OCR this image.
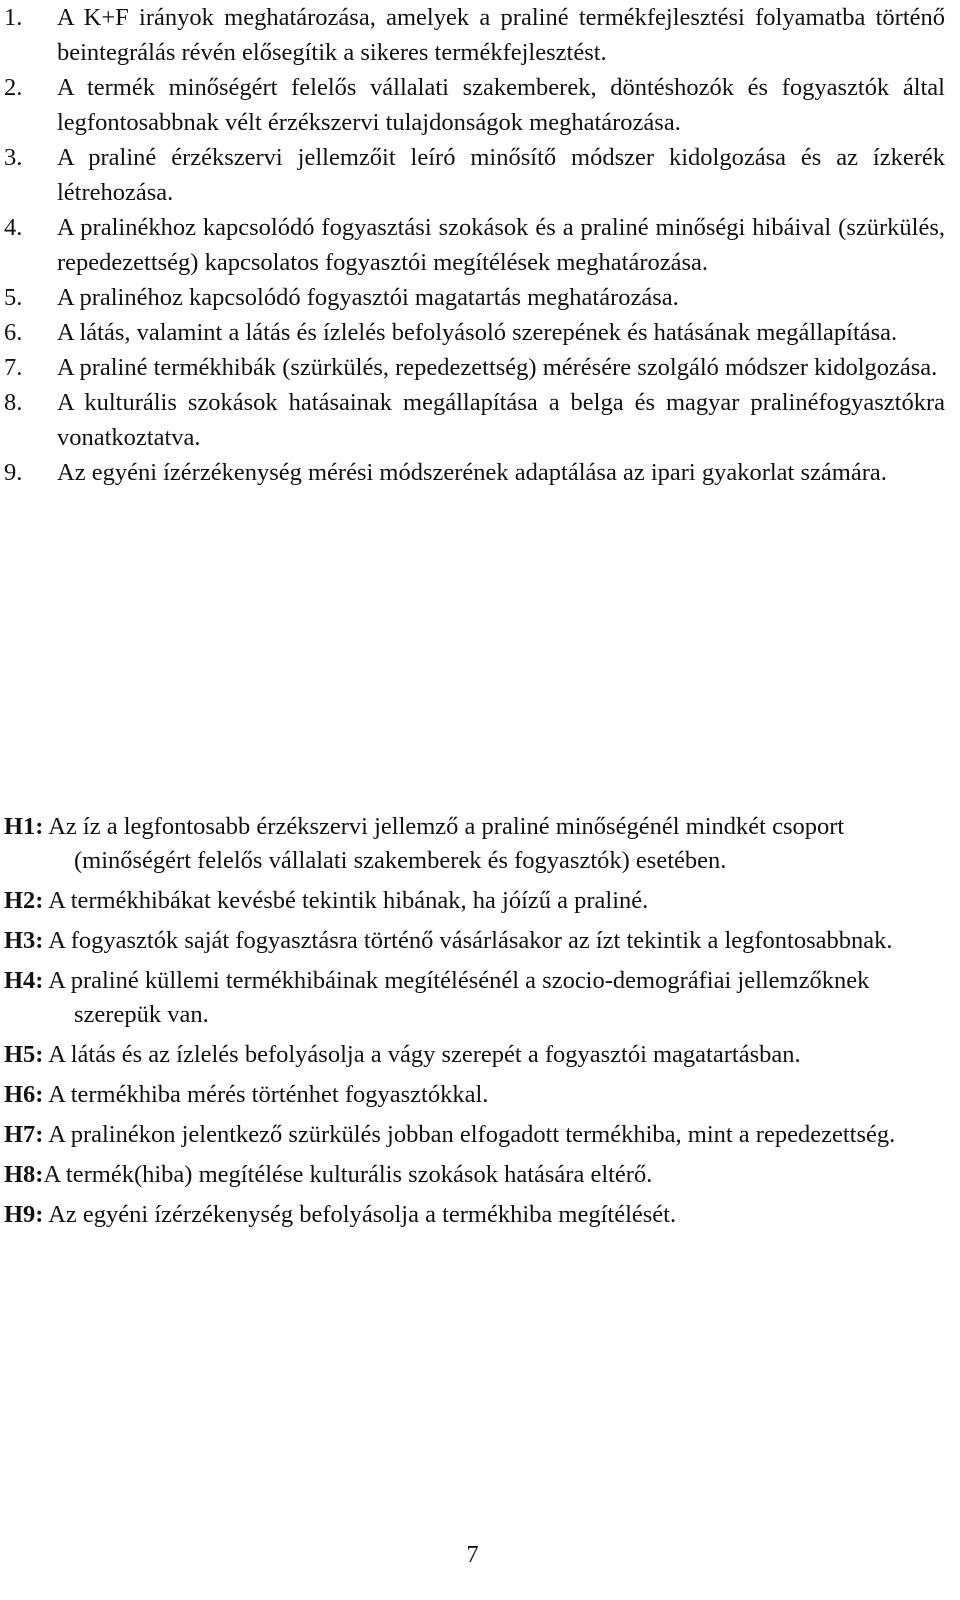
1.	A K+F irányok meghatározása, amelyek a praliné termékfejlesztési folyamatba történő beintegrálás révén elősegítik a sikeres termékfejlesztést.
2.	A termék minőségért felelős vállalati szakemberek, döntéshozók és fogyasztók által legfontosabbnak vélt érzékszervi tulajdonságok meghatározása.
3.	A praliné érzékszervi jellemzőit leíró minősítő módszer kidolgozása és az ízkerék létrehozása.
4.	A pralinékhoz kapcsolódó fogyasztási szokások és a praliné minőségi hibáival (szürkülés, repedezettség) kapcsolatos fogyasztói megítélések meghatározása.
5.	A pralinéhoz kapcsolódó fogyasztói magatartás meghatározása.
6.	A látás, valamint a látás és ízlelés befolyásoló szerepének és hatásának megállapítása.
7.	A praliné termékhibák (szürkülés, repedezettség) mérésére szolgáló módszer kidolgozása.
8.	A kulturális szokások hatásainak megállapítása a belga és magyar pralinéfogyasztókra vonatkoztatva.
9.	Az egyéni ízérzékenység mérési módszerének adaptálása az ipari gyakorlat számára.
H1: Az íz a legfontosabb érzékszervi jellemző a praliné minőségénél mindkét csoport (minőségért felelős vállalati szakemberek és fogyasztók) esetében.
H2: A termékhibákat kevésbé tekintik hibának, ha jóízű a praliné.
H3: A fogyasztók saját fogyasztásra történő vásárlásakor az ízt tekintik a legfontosabbnak.
H4: A praliné küllemi termékhibáinak megítélésénél a szocio-demográfiai jellemzőknek szerepük van.
H5: A látás és az ízlelés befolyásolja a vágy szerepét a fogyasztói magatartásban.
H6: A termékhiba mérés történhet fogyasztókkal.
H7: A pralinékon jelentkező szürkülés jobban elfogadott termékhiba, mint a repedezettség.
H8:A termék(hiba) megítélése kulturális szokások hatására eltérő.
H9: Az egyéni ízérzékenység befolyásolja a termékhiba megítélését.
7
